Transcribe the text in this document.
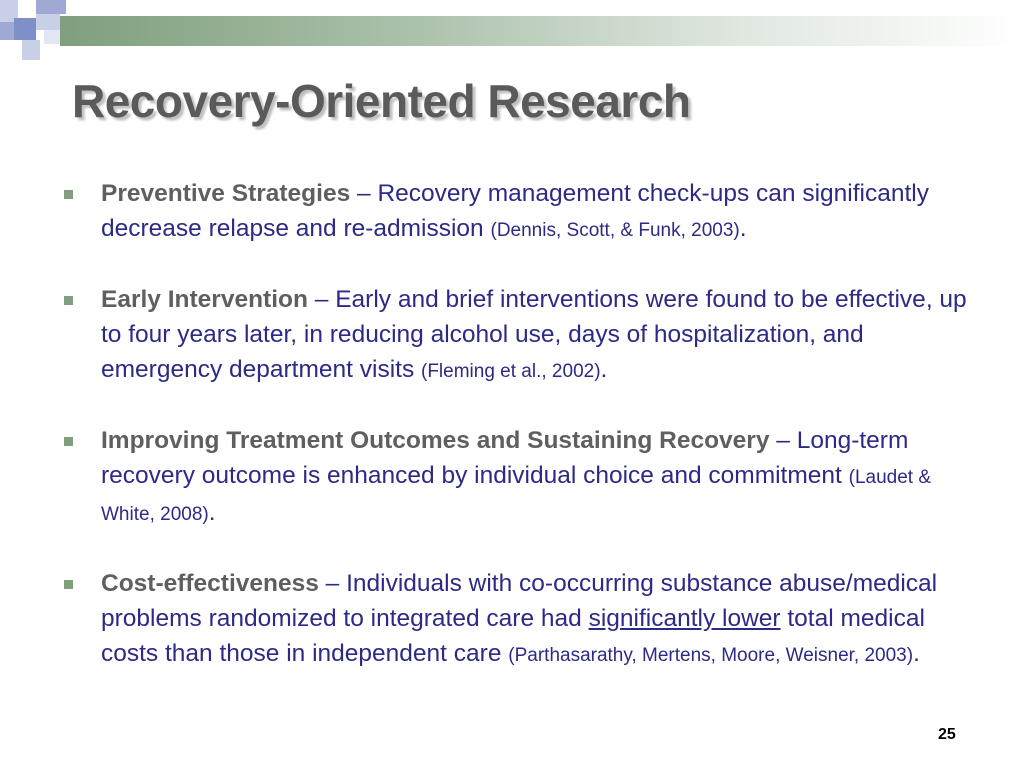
Recovery-Oriented Research
Preventive Strategies – Recovery management check-ups can significantly decrease relapse and re-admission (Dennis, Scott, & Funk, 2003).
Early Intervention – Early and brief interventions were found to be effective, up to four years later, in reducing alcohol use, days of hospitalization, and emergency department visits (Fleming et al., 2002).
Improving Treatment Outcomes and Sustaining Recovery – Long-term recovery outcome is enhanced by individual choice and commitment (Laudet & White, 2008).
Cost-effectiveness – Individuals with co-occurring substance abuse/medical problems randomized to integrated care had significantly lower total medical costs than those in independent care (Parthasarathy, Mertens, Moore, Weisner, 2003).
25
